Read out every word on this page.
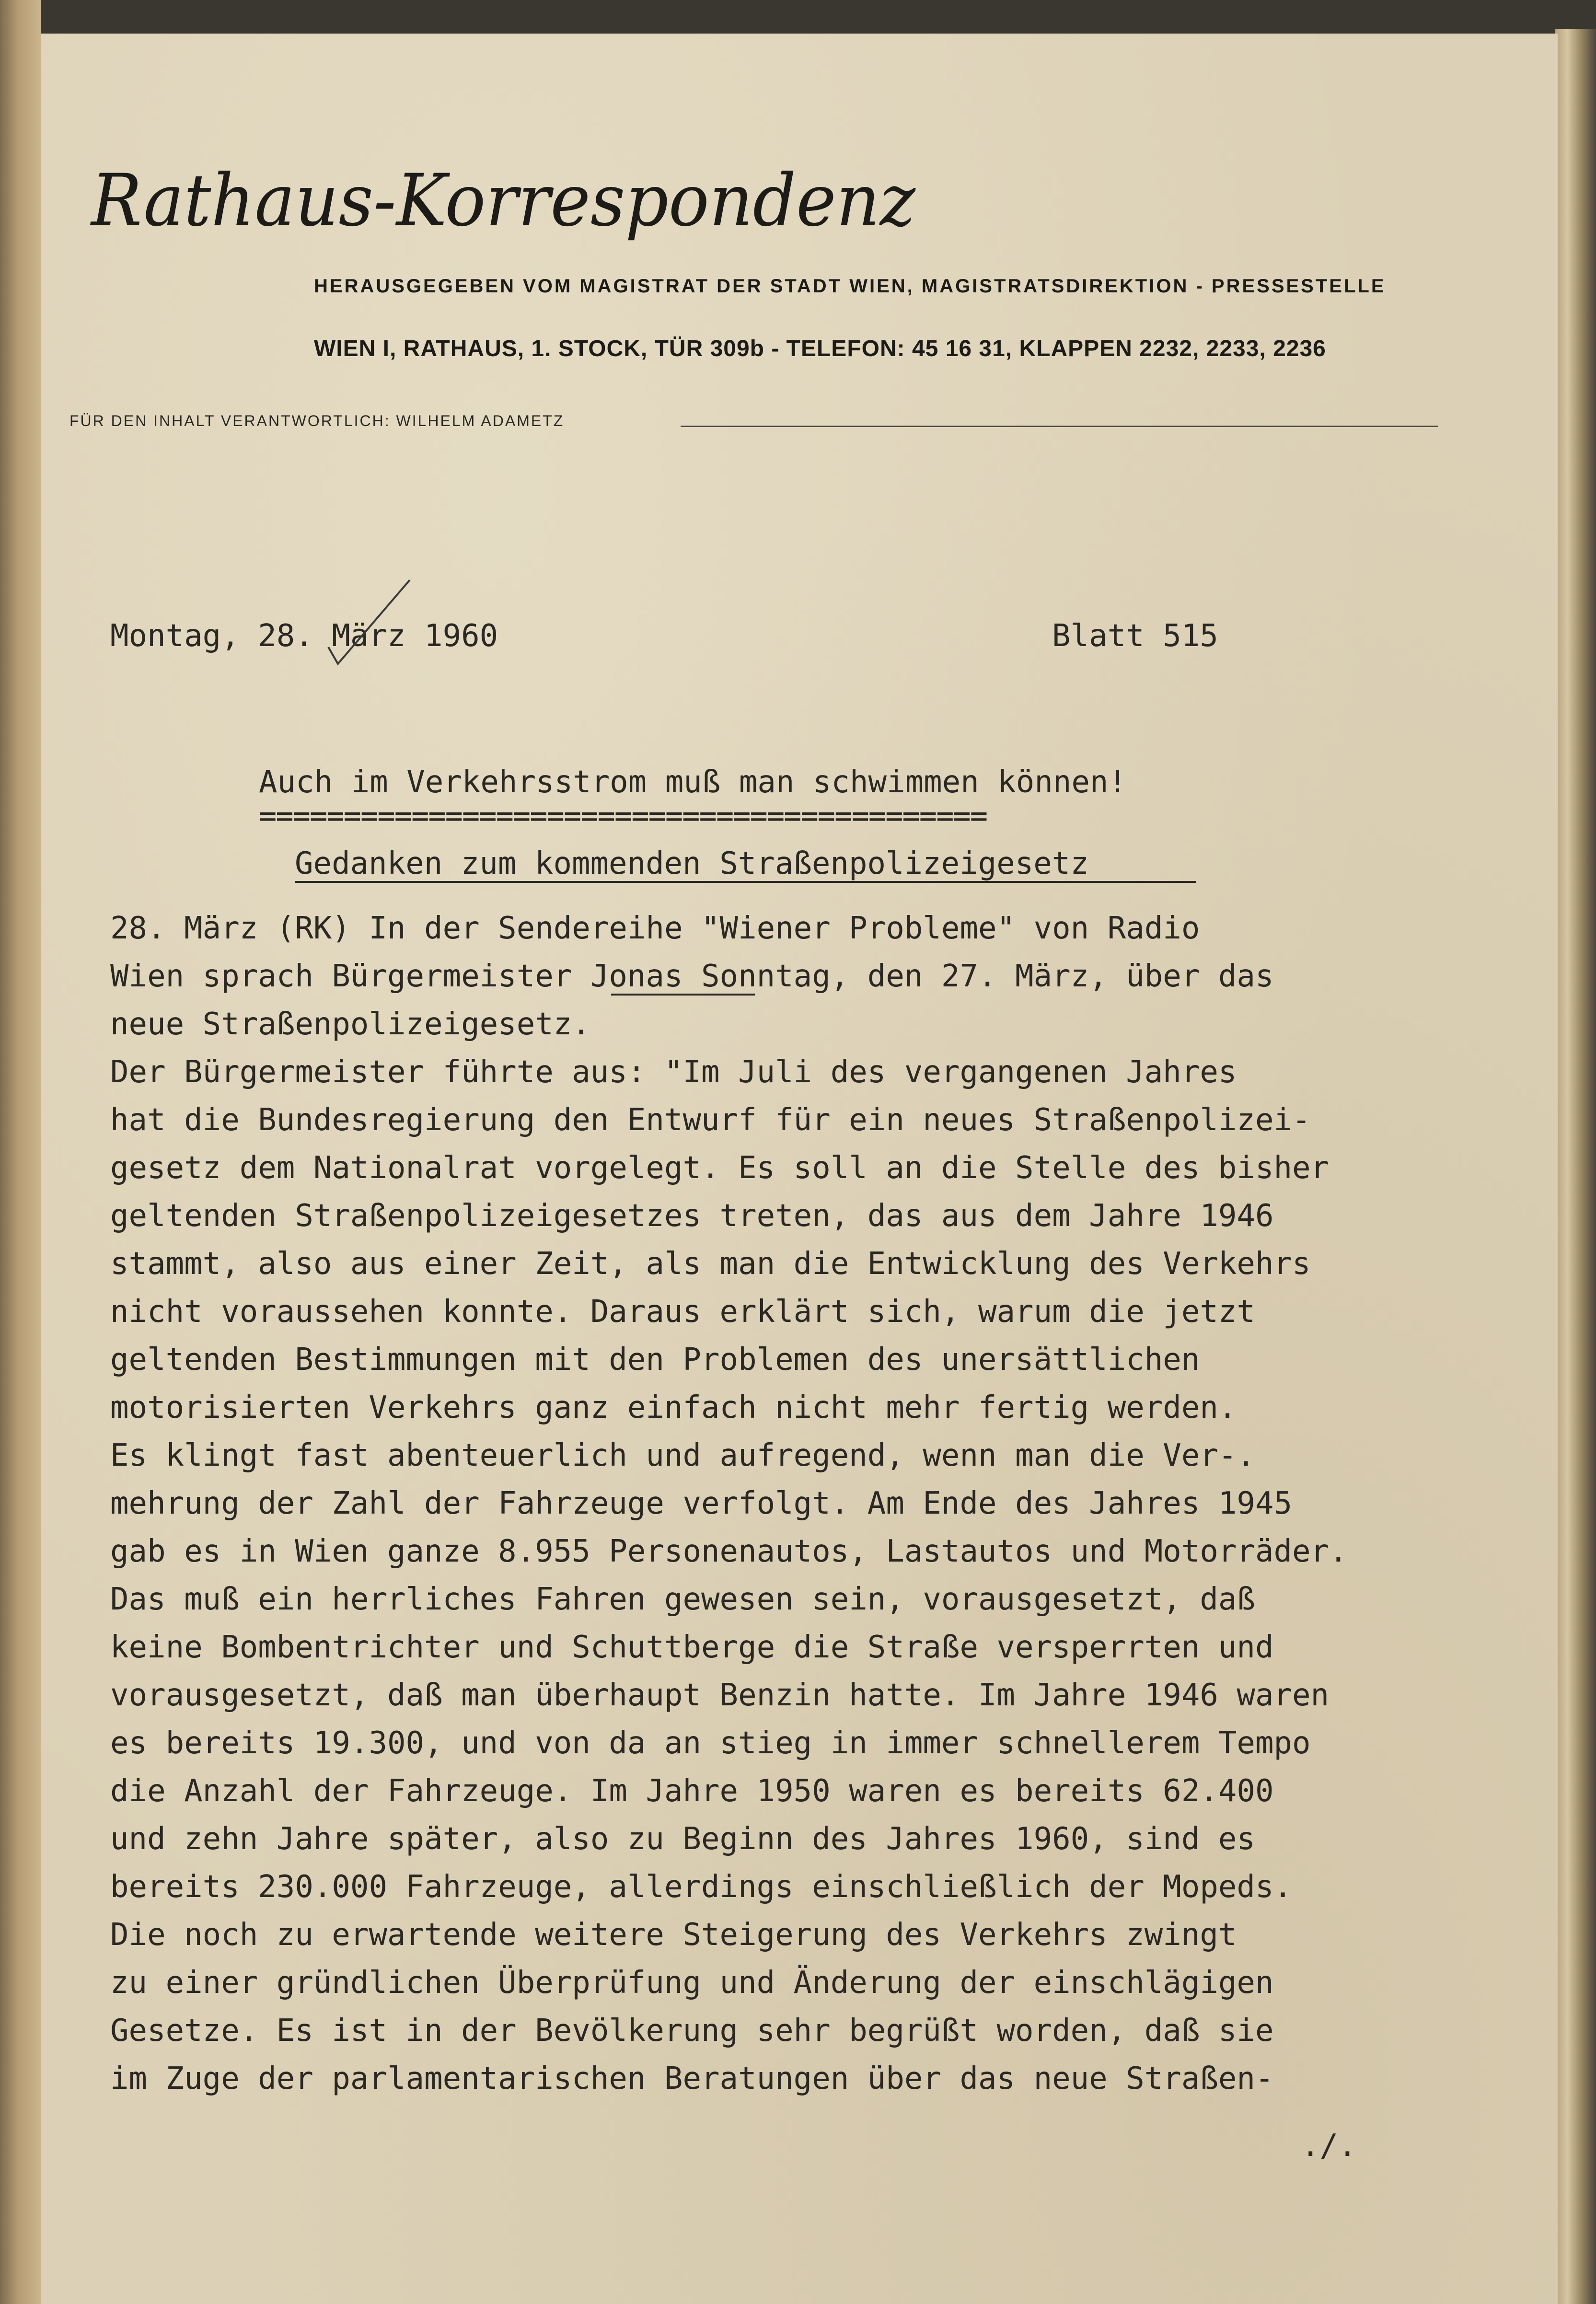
Rathaus-Korrespondenz
HERAUSGEGEBEN VOM MAGISTRAT DER STADT WIEN, MAGISTRATSDIREKTION - PRESSESTELLE
WIEN I, RATHAUS, 1. STOCK, TÜR 309b - TELEFON: 45 16 31, KLAPPEN 2232, 2233, 2236
FÜR DEN INHALT VERANTWORTLICH: WILHELM ADAMETZ
Montag, 28. März 1960	Blatt 515
Auch im Verkehrsstrom muß man schwimmen können!
===========================================
Gedanken zum kommenden Straßenpolizeigesetz
28. März (RK) In der Sendereihe "Wiener Probleme" von Radio
Wien sprach Bürgermeister Jonas Sonntag, den 27. März, über das
neue Straßenpolizeigesetz.
Der Bürgermeister führte aus: "Im Juli des vergangenen Jahres
hat die Bundesregierung den Entwurf für ein neues Straßenpolizei-
gesetz dem Nationalrat vorgelegt. Es soll an die Stelle des bisher
geltenden Straßenpolizeigesetzes treten, das aus dem Jahre 1946
stammt, also aus einer Zeit, als man die Entwicklung des Verkehrs
nicht voraussehen konnte. Daraus erklärt sich, warum die jetzt
geltenden Bestimmungen mit den Problemen des unersättlichen
motorisierten Verkehrs ganz einfach nicht mehr fertig werden.
Es klingt fast abenteuerlich und aufregend, wenn man die Ver-.
mehrung der Zahl der Fahrzeuge verfolgt. Am Ende des Jahres 1945
gab es in Wien ganze 8.955 Personenautos, Lastautos und Motorräder.
Das muß ein herrliches Fahren gewesen sein, vorausgesetzt, daß
keine Bombentrichter und Schuttberge die Straße versperrten und
vorausgesetzt, daß man überhaupt Benzin hatte. Im Jahre 1946 waren
es bereits 19.300, und von da an stieg in immer schnellerem Tempo
die Anzahl der Fahrzeuge. Im Jahre 1950 waren es bereits 62.400
und zehn Jahre später, also zu Beginn des Jahres 1960, sind es
bereits 230.000 Fahrzeuge, allerdings einschließlich der Mopeds.
Die noch zu erwartende weitere Steigerung des Verkehrs zwingt
zu einer gründlichen Überprüfung und Änderung der einschlägigen
Gesetze. Es ist in der Bevölkerung sehr begrüßt worden, daß sie
im Zuge der parlamentarischen Beratungen über das neue Straßen-
./.
